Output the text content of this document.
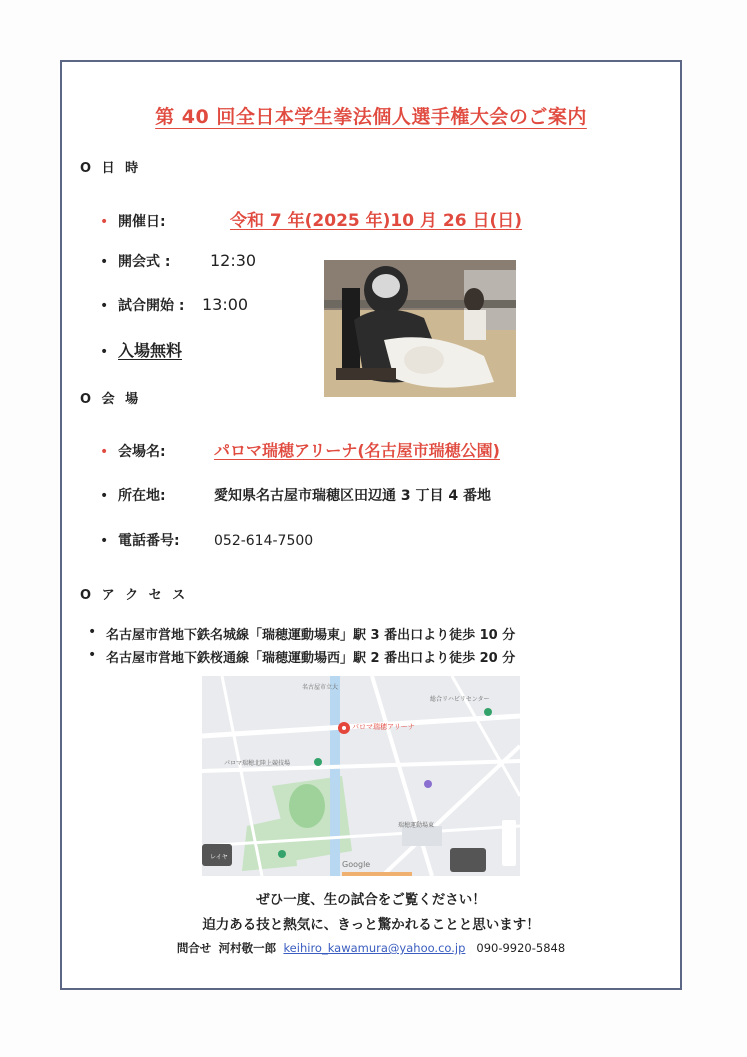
第 40 回全日本学生拳法個人選手権大会のご案内
O 日 時
• 開催日:	令和 7 年(2025 年)10 月 26 日(日)
• 開会式 :	12:30
• 試合開始 :	13:00
• 入場無料
O 会 場
• 会場名:	パロマ瑞穂アリーナ(名古屋市瑞穂公園)
• 所在地:	愛知県名古屋市瑞穂区田辺通 3 丁目 4 番地
• 電話番号:	052-614-7500
O ア ク セ ス
• 名古屋市営地下鉄名城線「瑞穂運動場東」駅 3 番出口より徒歩 10 分
• 名古屋市営地下鉄桜通線「瑞穂運動場西」駅 2 番出口より徒歩 20 分
パロマ瑞穂アリーナ
名古屋市立大
総合リハビリセンター
パロマ瑞穂北陸上競技場
瑞穂運動場東
Google
レイヤ
ぜひ一度、生の試合をご覧ください！
迫力ある技と熱気に、きっと驚かれることと思います！
問合せ 河村敬一郎 keihiro_kawamura@yahoo.co.jp 090-9920-5848
